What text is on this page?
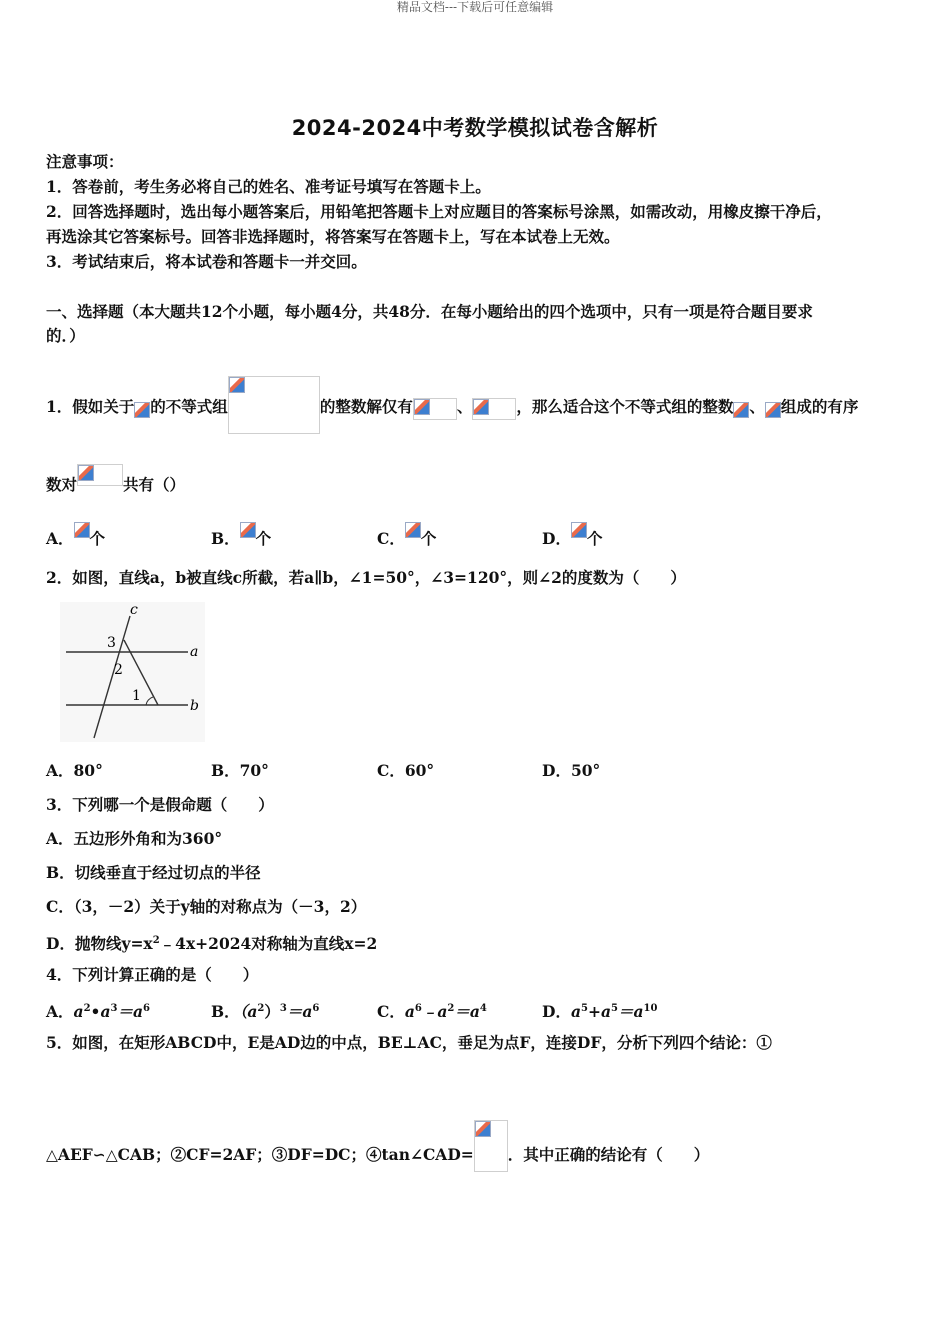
精品文档---下载后可任意编辑
2024-2024中考数学模拟试卷含解析
注意事项：
1．答卷前，考生务必将自己的姓名、准考证号填写在答题卡上。
2．回答选择题时，选出每小题答案后，用铅笔把答题卡上对应题目的答案标号涂黑，如需改动，用橡皮擦干净后，
再选涂其它答案标号。回答非选择题时，将答案写在答题卡上，写在本试卷上无效。
3．考试结束后，将本试卷和答题卡一并交回。
一、选择题（本大题共12个小题，每小题4分，共48分．在每小题给出的四个选项中，只有一项是符合题目要求
的．）
1．假如关于 的不等式组	的整数解仅有	、	，那么适合这个不等式组的整数 、 组成的有序
数对	共有（）
A． 个	B． 个	C． 个	D． 个
2．如图，直线a，b被直线c所截，若a∥b，∠1=50°，∠3=120°，则∠2的度数为（　　）
c
a
b
3
2
1
A．80°	B．70°	C．60°	D．50°
3．下列哪一个是假命题（　　）
A．五边形外角和为360°
B．切线垂直于经过切点的半径
C．（3，－2）关于y轴的对称点为（－3，2）
D．抛物线$y=x^2﹣4x+2024$对称轴为直线x=2
4．下列计算正确的是（　　）
A．$a^2•a^3=a^6$	B．$(a^2)^3=a^6$	C．$a^6﹣a^2=a^4$	D．$a^5+a^5=a^{10}$
5．如图，在矩形ABCD中，E是AD边的中点，BE⊥AC，垂足为点F，连接DF，分析下列四个结论：①
△AEF∽△CAB；②CF=2AF；③DF=DC；④tan∠CAD= ．其中正确的结论有（　　）
